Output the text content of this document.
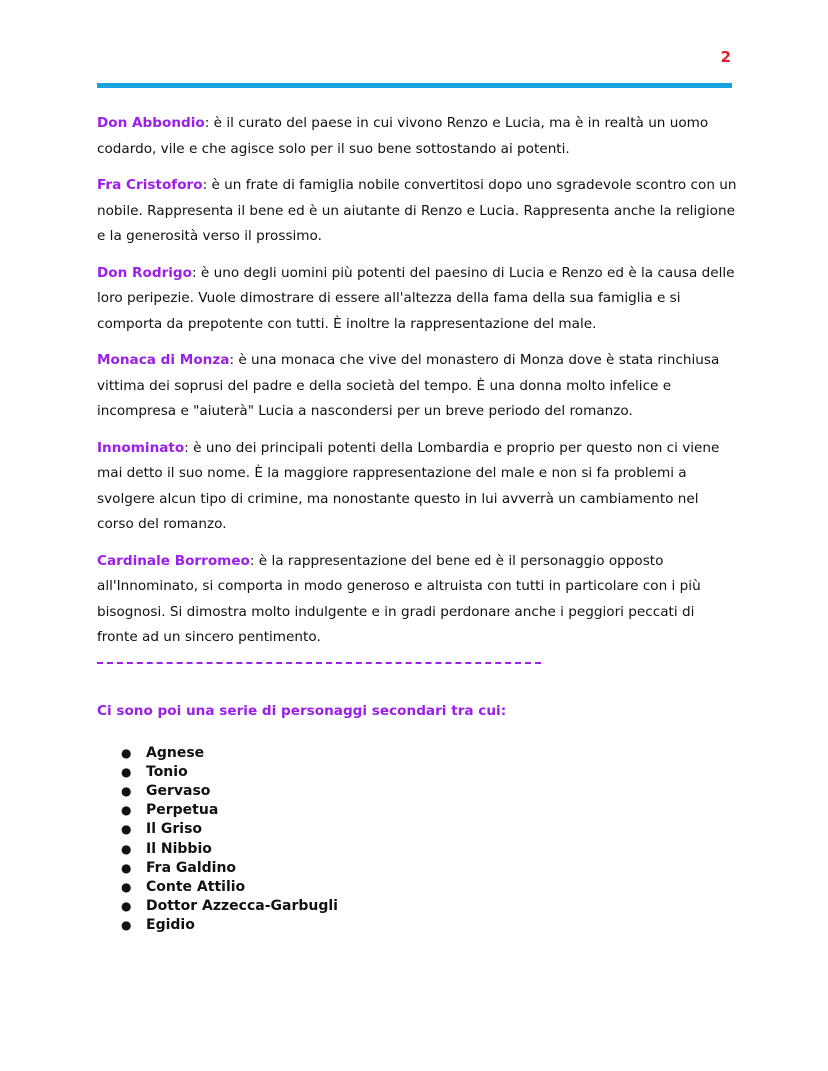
2

Don Abbondio: è il curato del paese in cui vivono Renzo e Lucia, ma è in realtà un uomo codardo, vile e che agisce solo per il suo bene sottostando ai potenti.

Fra Cristoforo: è un frate di famiglia nobile convertitosi dopo uno sgradevole scontro con un nobile. Rappresenta il bene ed è un aiutante di Renzo e Lucia. Rappresenta anche la religione e la generosità verso il prossimo.

Don Rodrigo: è uno degli uomini più potenti del paesino di Lucia e Renzo ed è la causa delle loro peripezie. Vuole dimostrare di essere all'altezza della fama della sua famiglia e si comporta da prepotente con tutti. È inoltre la rappresentazione del male.

Monaca di Monza: è una monaca che vive del monastero di Monza dove è stata rinchiusa vittima dei soprusi del padre e della società del tempo. È una donna molto infelice e incompresa e "aiuterà" Lucia a nascondersi per un breve periodo del romanzo.

Innominato: è uno dei principali potenti della Lombardia e proprio per questo non ci viene mai detto il suo nome. È la maggiore rappresentazione del male e non si fa problemi a svolgere alcun tipo di crimine, ma nonostante questo in lui avverrà un cambiamento nel corso del romanzo.

Cardinale Borromeo: è la rappresentazione del bene ed è il personaggio opposto all'Innominato, si comporta in modo generoso e altruista con tutti in particolare con i più bisognosi. Si dimostra molto indulgente e in gradi perdonare anche i peggiori peccati di fronte ad un sincero pentimento.

Ci sono poi una serie di personaggi secondari tra cui:

● Agnese
● Tonio
● Gervaso
● Perpetua
● Il Griso
● Il Nibbio
● Fra Galdino
● Conte Attilio
● Dottor Azzecca-Garbugli
● Egidio
